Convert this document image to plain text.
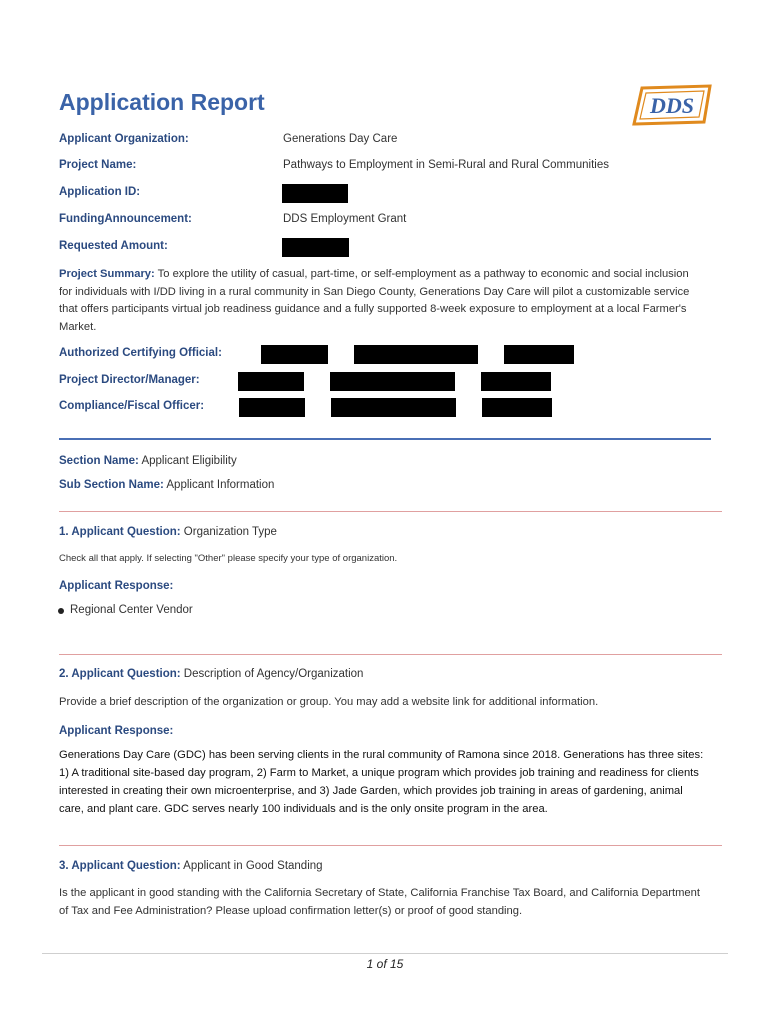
Application Report	DDS
Applicant Organization:	Generations Day Care
Project Name:	Pathways to Employment in Semi-Rural and Rural Communities
Application ID:
FundingAnnouncement:	DDS Employment Grant
Requested Amount:

Project Summary: To explore the utility of casual, part-time, or self-employment as a pathway to economic and social inclusion for individuals with I/DD living in a rural community in San Diego County, Generations Day Care will pilot a customizable service that offers participants virtual job readiness guidance and a fully supported 8-week exposure to employment at a local Farmer's Market.

Authorized Certifying Official:
Project Director/Manager:
Compliance/Fiscal Officer:
Section Name: Applicant Eligibility
Sub Section Name: Applicant Information
1. Applicant Question: Organization Type
Check all that apply. If selecting "Other" please specify your type of organization.
Applicant Response:
Regional Center Vendor
2. Applicant Question: Description of Agency/Organization
Provide a brief description of the organization or group. You may add a website link for additional information.
Applicant Response:

Generations Day Care (GDC) has been serving clients in the rural community of Ramona since 2018. Generations has three sites: 1) A traditional site-based day program, 2) Farm to Market, a unique program which provides job training and readiness for clients interested in creating their own microenterprise, and 3) Jade Garden, which provides job training in areas of gardening, animal care, and plant care. GDC serves nearly 100 individuals and is the only onsite program in the area.

3. Applicant Question: Applicant in Good Standing

Is the applicant in good standing with the California Secretary of State, California Franchise Tax Board, and California Department of Tax and Fee Administration? Please upload confirmation letter(s) or proof of good standing.

1 of 15
